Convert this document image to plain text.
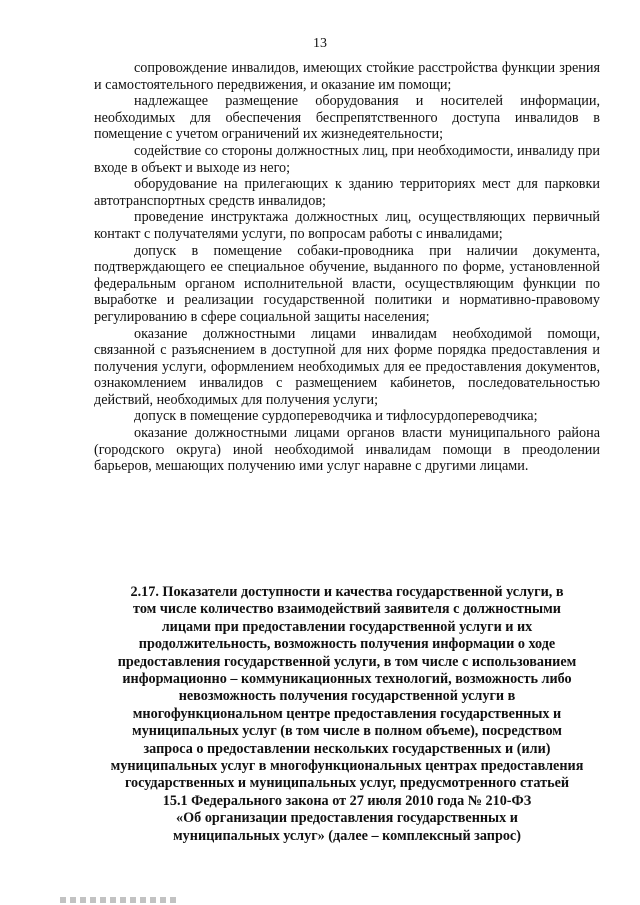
13

сопровождение инвалидов, имеющих стойкие расстройства функции зрения и самостоятельного передвижения, и оказание им помощи;

надлежащее размещение оборудования и носителей информации, необходимых для обеспечения беспрепятственного доступа инвалидов в помещение с учетом ограничений их жизнедеятельности;

содействие со стороны должностных лиц, при необходимости, инвалиду при входе в объект и выходе из него;

оборудование на прилегающих к зданию территориях мест для парковки автотранспортных средств инвалидов;

проведение инструктажа должностных лиц, осуществляющих первичный контакт с получателями услуги, по вопросам работы с инвалидами;

допуск в помещение собаки-проводника при наличии документа, подтверждающего ее специальное обучение, выданного по форме, установленной федеральным органом исполнительной власти, осуществляющим функции по выработке и реализации государственной политики и нормативно-правовому регулированию в сфере социальной защиты населения;

оказание должностными лицами инвалидам необходимой помощи, связанной с разъяснением в доступной для них форме порядка предоставления и получения услуги, оформлением необходимых для ее предоставления документов, ознакомлением инвалидов с размещением кабинетов, последовательностью действий, необходимых для получения услуги;

допуск в помещение сурдопереводчика и тифлосурдопереводчика;

оказание должностными лицами органов власти муниципального района (городского округа) иной необходимой инвалидам помощи в преодолении барьеров, мешающих получению ими услуг наравне с другими лицами.

2.17. Показатели доступности и качества государственной услуги, в
том числе количество взаимодействий заявителя с должностными
лицами при предоставлении государственной услуги и их
продолжительность, возможность получения информации о ходе
предоставления государственной услуги, в том числе с использованием
информационно – коммуникационных технологий, возможность либо
невозможность получения государственной услуги в
многофункциональном центре предоставления государственных и
муниципальных услуг (в том числе в полном объеме), посредством
запроса о предоставлении нескольких государственных и (или)
муниципальных услуг в многофункциональных центрах предоставления
государственных и муниципальных услуг, предусмотренного статьей
15.1 Федерального закона от 27 июля 2010 года № 210-ФЗ
«Об организации предоставления государственных и
муниципальных услуг» (далее – комплексный запрос)
